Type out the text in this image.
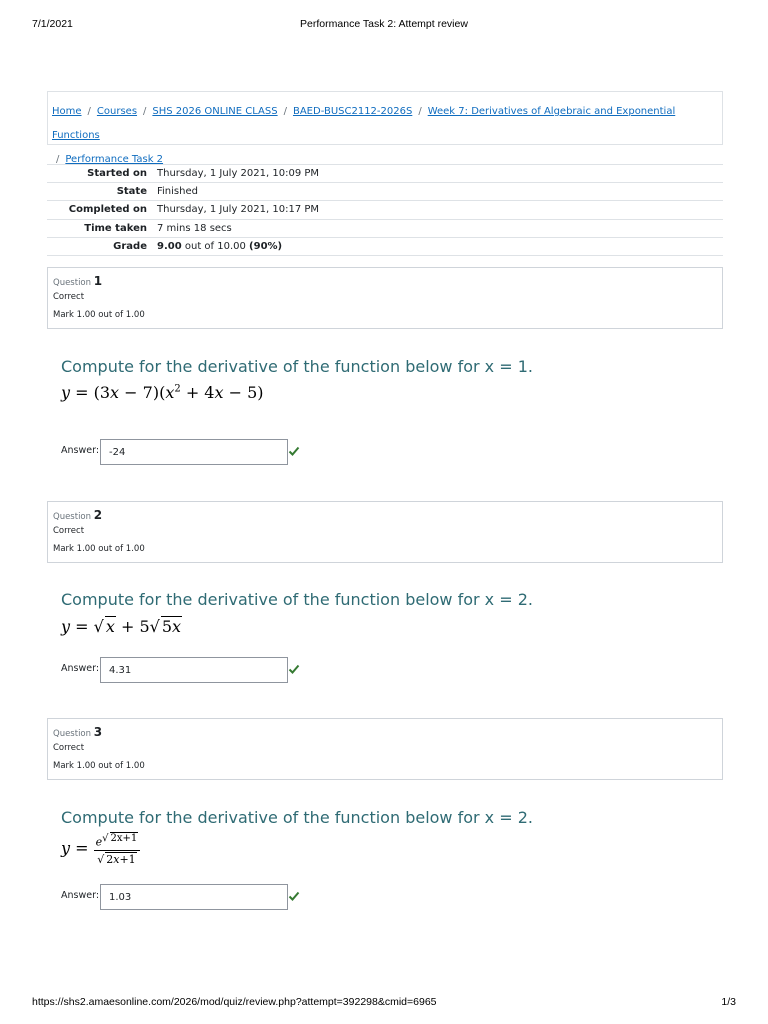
7/1/2021	Performance Task 2: Attempt review
Home / Courses / SHS 2026 ONLINE CLASS / BAED-BUSC2112-2026S / Week 7: Derivatives of Algebraic and Exponential Functions
/ Performance Task 2
Started on	Thursday, 1 July 2021, 10:09 PM
State	Finished
Completed on	Thursday, 1 July 2021, 10:17 PM
Time taken	7 mins 18 secs
Grade	9.00 out of 10.00 (90%)
Question 1
Correct
Mark 1.00 out of 1.00
Compute for the derivative of the function below for x = 1.
$y = (3x - 7)(x^2 + 4x - 5)$
Answer: -24
Question 2
Correct
Mark 1.00 out of 1.00
Compute for the derivative of the function below for x = 2.
y = √ x + 5√ 5x
Answer: 4.31
Question 3
Correct
Mark 1.00 out of 1.00
Compute for the derivative of the function below for x = 2.
$y = \frac{e^{√ 2x+1}}{√ 2x+1}$
Answer: 1.03
https://shs2.amaesonline.com/2026/mod/quiz/review.php?attempt=392298&cmid=6965	1/3
